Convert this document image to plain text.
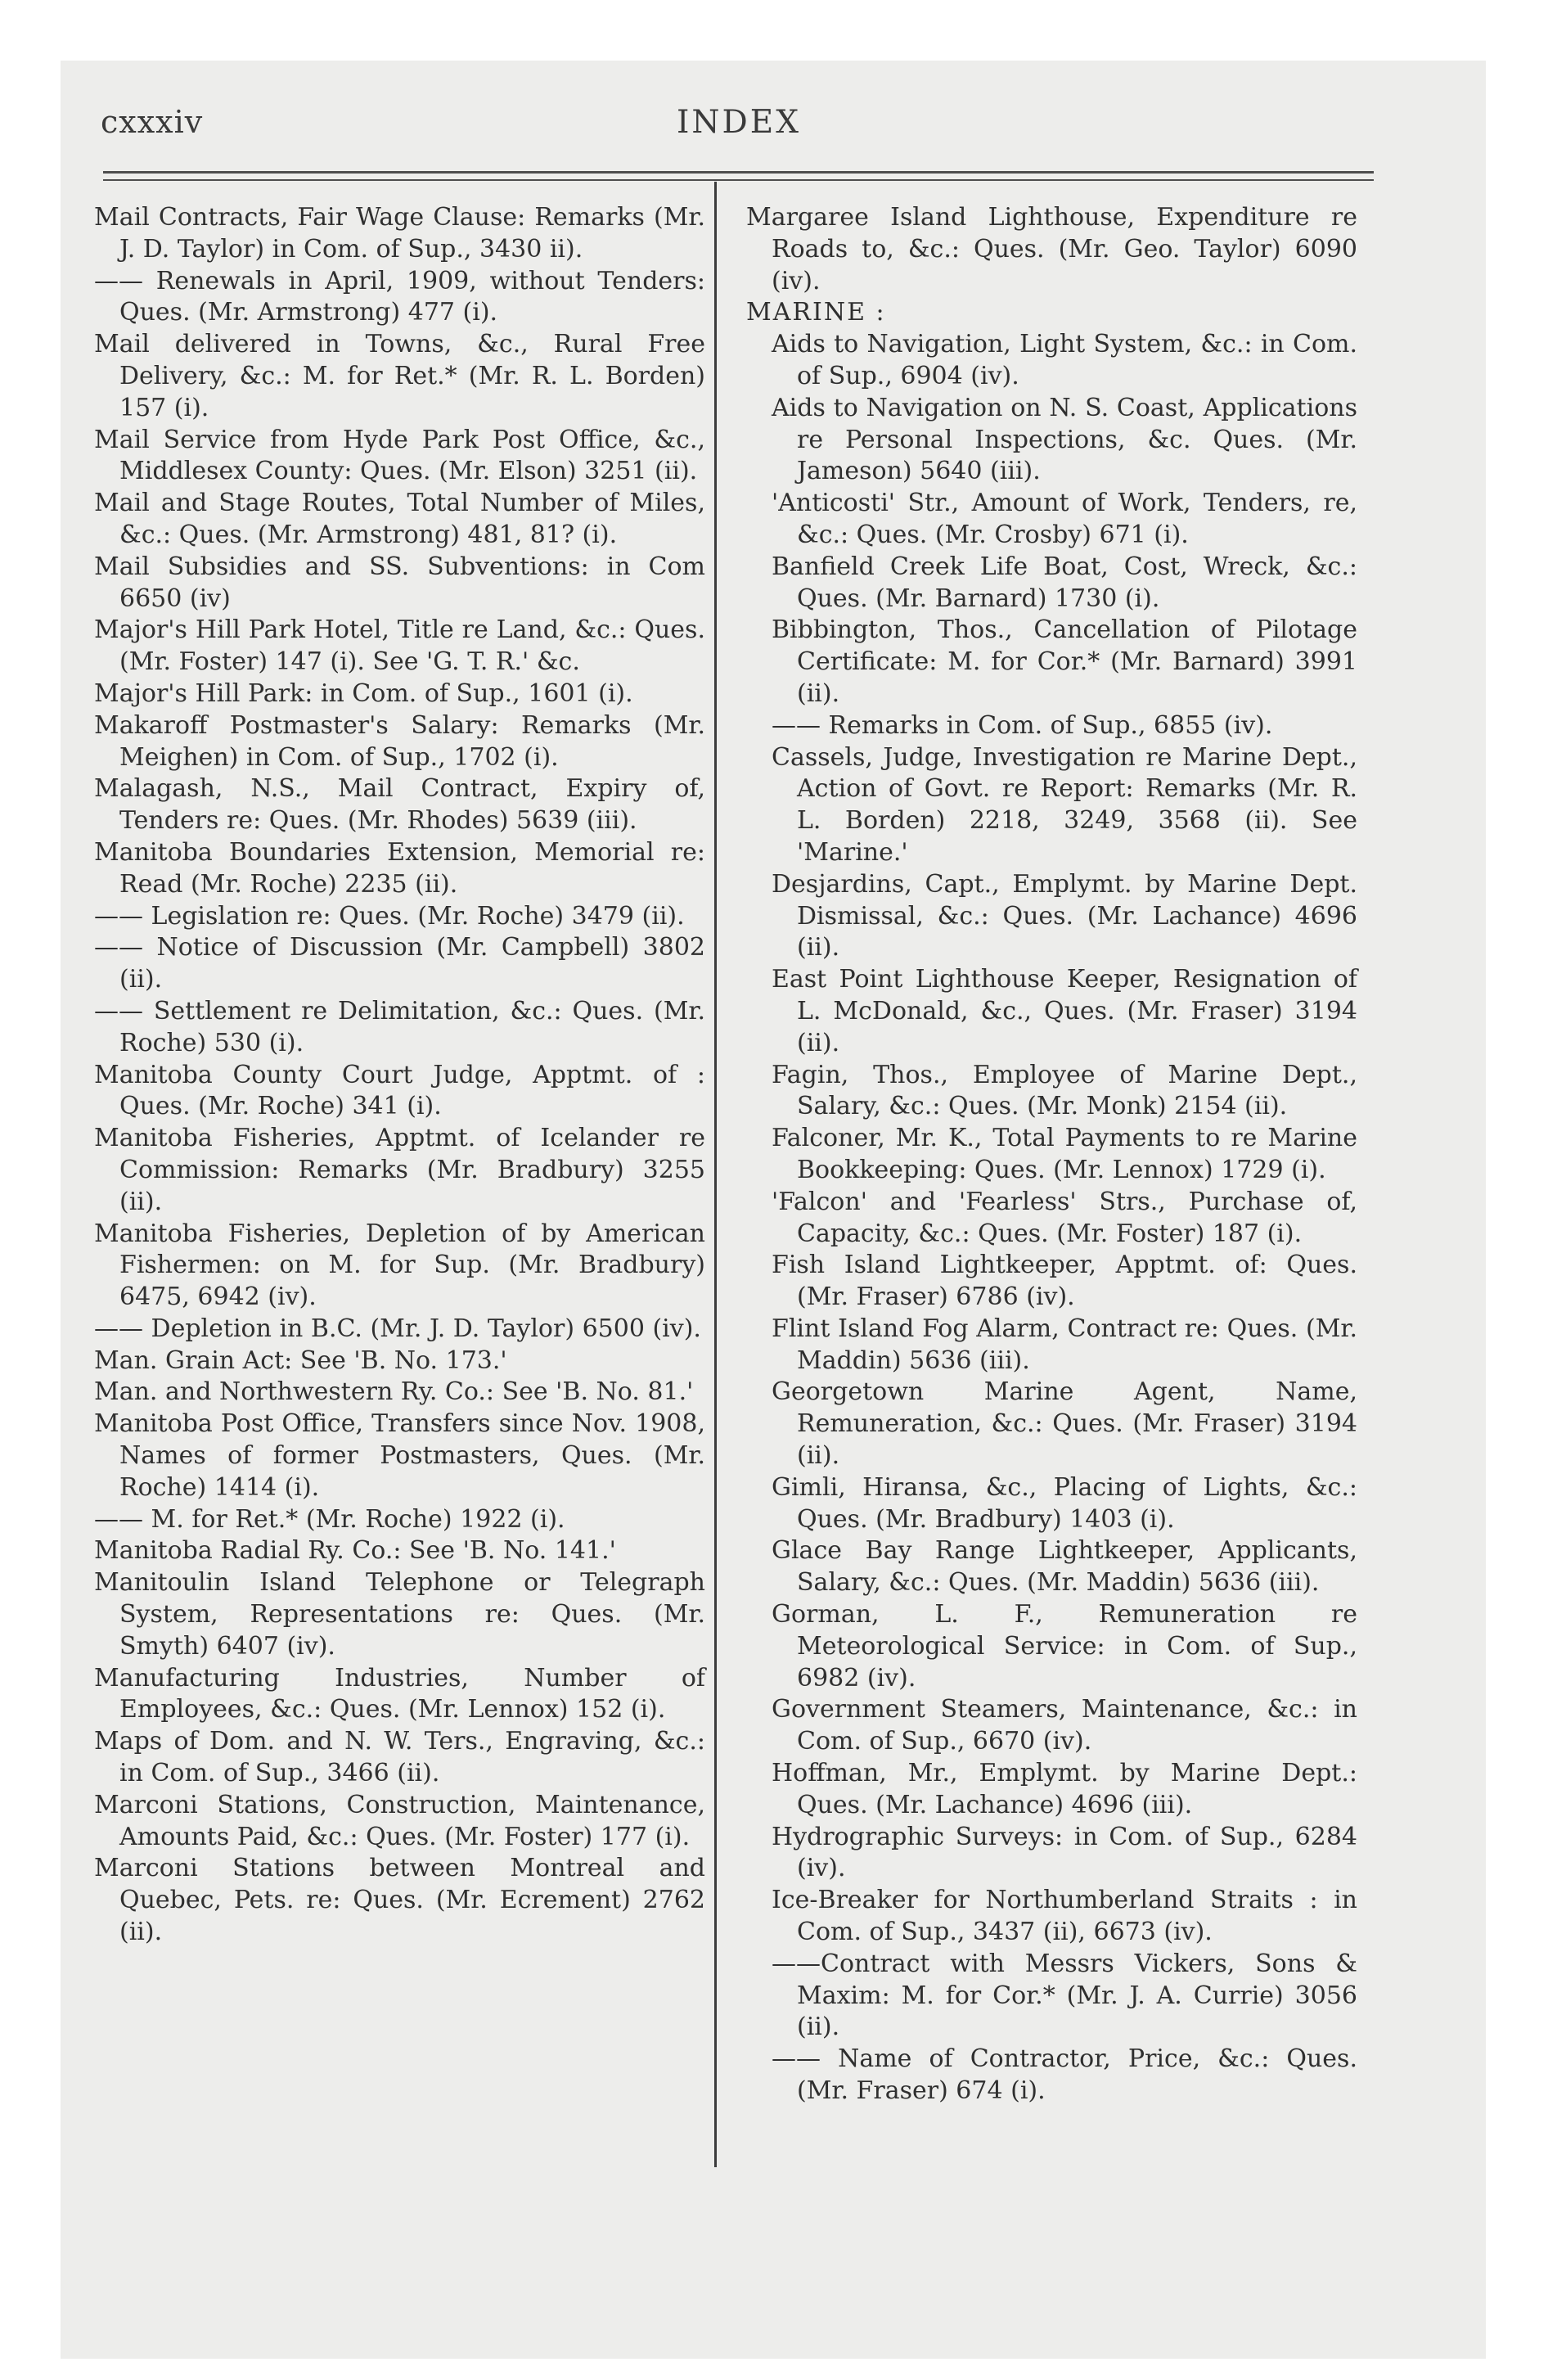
cxxxiv	INDEX
Mail Contracts, Fair Wage Clause: Remarks (Mr. J. D. Taylor) in Com. of Sup., 3430 ii).
—— Renewals in April, 1909, without Tenders: Ques. (Mr. Armstrong) 477 (i).
Mail delivered in Towns, &c., Rural Free Delivery, &c.: M. for Ret.* (Mr. R. L. Borden) 157 (i).
Mail Service from Hyde Park Post Office, &c., Middlesex County: Ques. (Mr. Elson) 3251 (ii).
Mail and Stage Routes, Total Number of Miles, &c.: Ques. (Mr. Armstrong) 481, 81? (i).
Mail Subsidies and SS. Subventions: in Com 6650 (iv)
Major's Hill Park Hotel, Title re Land, &c.: Ques. (Mr. Foster) 147 (i). See 'G. T. R.' &c.
Major's Hill Park: in Com. of Sup., 1601 (i).
Makaroff Postmaster's Salary: Remarks (Mr. Meighen) in Com. of Sup., 1702 (i).
Malagash, N.S., Mail Contract, Expiry of, Tenders re: Ques. (Mr. Rhodes) 5639 (iii).
Manitoba Boundaries Extension, Memorial re: Read (Mr. Roche) 2235 (ii).
—— Legislation re: Ques. (Mr. Roche) 3479 (ii).
—— Notice of Discussion (Mr. Campbell) 3802 (ii).
—— Settlement re Delimitation, &c.: Ques. (Mr. Roche) 530 (i).
Manitoba County Court Judge, Apptmt. of : Ques. (Mr. Roche) 341 (i).
Manitoba Fisheries, Apptmt. of Icelander re Commission: Remarks (Mr. Bradbury) 3255 (ii).
Manitoba Fisheries, Depletion of by American Fishermen: on M. for Sup. (Mr. Bradbury) 6475, 6942 (iv).
—— Depletion in B.C. (Mr. J. D. Taylor) 6500 (iv).
Man. Grain Act: See 'B. No. 173.'
Man. and Northwestern Ry. Co.: See 'B. No. 81.'
Manitoba Post Office, Transfers since Nov. 1908, Names of former Postmasters, Ques. (Mr. Roche) 1414 (i).
—— M. for Ret.* (Mr. Roche) 1922 (i).
Manitoba Radial Ry. Co.: See 'B. No. 141.'
Manitoulin Island Telephone or Telegraph System, Representations re: Ques. (Mr. Smyth) 6407 (iv).
Manufacturing Industries, Number of Employees, &c.: Ques. (Mr. Lennox) 152 (i).
Maps of Dom. and N. W. Ters., Engraving, &c.: in Com. of Sup., 3466 (ii).
Marconi Stations, Construction, Maintenance, Amounts Paid, &c.: Ques. (Mr. Foster) 177 (i).
Marconi Stations between Montreal and Quebec, Pets. re: Ques. (Mr. Ecrement) 2762 (ii).
Margaree Island Lighthouse, Expenditure re Roads to, &c.: Ques. (Mr. Geo. Taylor) 6090 (iv).
MARINE :
Aids to Navigation, Light System, &c.: in Com. of Sup., 6904 (iv).
Aids to Navigation on N. S. Coast, Applications re Personal Inspections, &c. Ques. (Mr. Jameson) 5640 (iii).
'Anticosti' Str., Amount of Work, Tenders, re, &c.: Ques. (Mr. Crosby) 671 (i).
Banfield Creek Life Boat, Cost, Wreck, &c.: Ques. (Mr. Barnard) 1730 (i).
Bibbington, Thos., Cancellation of Pilotage Certificate: M. for Cor.* (Mr. Barnard) 3991 (ii).
—— Remarks in Com. of Sup., 6855 (iv).
Cassels, Judge, Investigation re Marine Dept., Action of Govt. re Report: Remarks (Mr. R. L. Borden) 2218, 3249, 3568 (ii). See 'Marine.'
Desjardins, Capt., Emplymt. by Marine Dept. Dismissal, &c.: Ques. (Mr. Lachance) 4696 (ii).
East Point Lighthouse Keeper, Resignation of L. McDonald, &c., Ques. (Mr. Fraser) 3194 (ii).
Fagin, Thos., Employee of Marine Dept., Salary, &c.: Ques. (Mr. Monk) 2154 (ii).
Falconer, Mr. K., Total Payments to re Marine Bookkeeping: Ques. (Mr. Lennox) 1729 (i).
'Falcon' and 'Fearless' Strs., Purchase of, Capacity, &c.: Ques. (Mr. Foster) 187 (i).
Fish Island Lightkeeper, Apptmt. of: Ques. (Mr. Fraser) 6786 (iv).
Flint Island Fog Alarm, Contract re: Ques. (Mr. Maddin) 5636 (iii).
Georgetown Marine Agent, Name, Remuneration, &c.: Ques. (Mr. Fraser) 3194 (ii).
Gimli, Hiransa, &c., Placing of Lights, &c.: Ques. (Mr. Bradbury) 1403 (i).
Glace Bay Range Lightkeeper, Applicants, Salary, &c.: Ques. (Mr. Maddin) 5636 (iii).
Gorman, L. F., Remuneration re Meteorological Service: in Com. of Sup., 6982 (iv).
Government Steamers, Maintenance, &c.: in Com. of Sup., 6670 (iv).
Hoffman, Mr., Emplymt. by Marine Dept.: Ques. (Mr. Lachance) 4696 (iii).
Hydrographic Surveys: in Com. of Sup., 6284 (iv).
Ice-Breaker for Northumberland Straits : in Com. of Sup., 3437 (ii), 6673 (iv).
——Contract with Messrs Vickers, Sons & Maxim: M. for Cor.* (Mr. J. A. Currie) 3056 (ii).
—— Name of Contractor, Price, &c.: Ques. (Mr. Fraser) 674 (i).
